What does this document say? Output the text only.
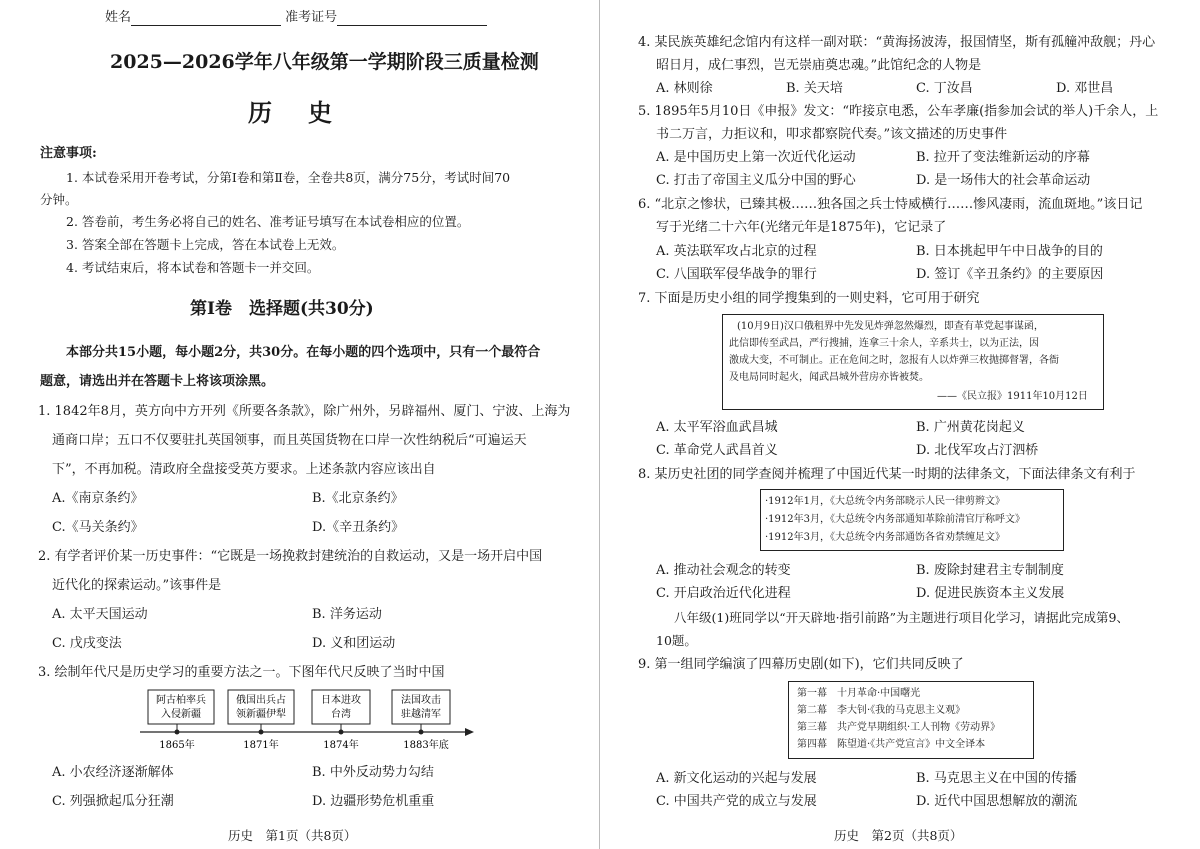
姓名	准考证号
2025—2026学年八年级第一学期阶段三质量检测
历　史
注意事项:
1. 本试卷采用开卷考试，分第Ⅰ卷和第Ⅱ卷，全卷共8页，满分75分，考试时间70
分钟。
2. 答卷前，考生务必将自己的姓名、准考证号填写在本试卷相应的位置。
3. 答案全部在答题卡上完成，答在本试卷上无效。
4. 考试结束后，将本试卷和答题卡一并交回。
第Ⅰ卷　选择题(共30分)
本部分共15小题，每小题2分，共30分。在每小题的四个选项中，只有一个最符合
题意，请选出并在答题卡上将该项涂黑。
1. 1842年8月，英方向中方开列《所要各条款》，除广州外，另辟福州、厦门、宁波、上海为
通商口岸；五口不仅要驻扎英国领事，而且英国货物在口岸一次性纳税后“可遍运天
下”，不再加税。清政府全盘接受英方要求。上述条款内容应该出自
A.《南京条约》	B.《北京条约》
C.《马关条约》	D.《辛丑条约》
2. 有学者评价某一历史事件：“它既是一场挽救封建统治的自救运动，又是一场开启中国
近代化的探索运动。”该事件是
A. 太平天国运动	B. 洋务运动
C. 戊戌变法	D. 义和团运动
3. 绘制年代尺是历史学习的重要方法之一。下图年代尺反映了当时中国
阿古柏率兵
入侵新疆
1865年
俄国出兵占
领新疆伊犁
1871年
日本进攻
台湾
1874年
法国攻击
驻越清军
1883年底
A. 小农经济逐渐解体	B. 中外反动势力勾结
C. 列强掀起瓜分狂潮	D. 边疆形势危机重重
历史　第1页（共8页）
4. 某民族英雄纪念馆内有这样一副对联：“黄海扬波涛，报国情坚，斯有孤艟冲敌舰；丹心
昭日月，成仁事烈，岂无崇庙奠忠魂。”此馆纪念的人物是
A. 林则徐	B. 关天培	C. 丁汝昌	D. 邓世昌
5. 1895年5月10日《申报》发文：“昨接京电悉，公车孝廉(指参加会试的举人)千余人，上
书二万言，力拒议和，叩求都察院代奏。”该文描述的历史事件
A. 是中国历史上第一次近代化运动	B. 拉开了变法维新运动的序幕
C. 打击了帝国主义瓜分中国的野心	D. 是一场伟大的社会革命运动
6. “北京之惨状，已臻其极……独各国之兵士恃威横行……惨风凄雨，流血斑地。”该日记
写于光绪二十六年(光绪元年是1875年)，它记录了
A. 英法联军攻占北京的过程	B. 日本挑起甲午中日战争的目的
C. 八国联军侵华战争的罪行	D. 签订《辛丑条约》的主要原因
7. 下面是历史小组的同学搜集到的一则史料，它可用于研究
(10月9日)汉口俄租界中先发见炸弹忽然爆烈，即查有革党起事谋函，
此信即传至武昌，严行搜捕，连拿三十余人，辛系共士，以为正法，因
激成大变，不可制止。正在危间之时，忽报有人以炸弹三枚抛掷督署，各衙
及电局同时起火，闻武昌城外营房亦皆被焚。
——《民立报》1911年10月12日
A. 太平军浴血武昌城	B. 广州黄花岗起义
C. 革命党人武昌首义	D. 北伐军攻占汀泗桥
8. 某历史社团的同学查阅并梳理了中国近代某一时期的法律条文，下面法律条文有利于
·1912年1月，《大总统令内务部晓示人民一律剪辫文》
·1912年3月，《大总统令内务部通知革除前清官厅称呼文》
·1912年3月，《大总统令内务部通饬各省劝禁缠足文》
A. 推动社会观念的转变	B. 废除封建君主专制制度
C. 开启政治近代化进程	D. 促进民族资本主义发展
八年级(1)班同学以“开天辟地·指引前路”为主题进行项目化学习，请据此完成第9、
10题。
9. 第一组同学编演了四幕历史剧(如下)，它们共同反映了
第一幕　十月革命·中国曙光
第二幕　李大钊·《我的马克思主义观》
第三幕　共产党早期组织·工人刊物《劳动界》
第四幕　陈望道·《共产党宣言》中文全译本
A. 新文化运动的兴起与发展	B. 马克思主义在中国的传播
C. 中国共产党的成立与发展	D. 近代中国思想解放的潮流
历史　第2页（共8页）
